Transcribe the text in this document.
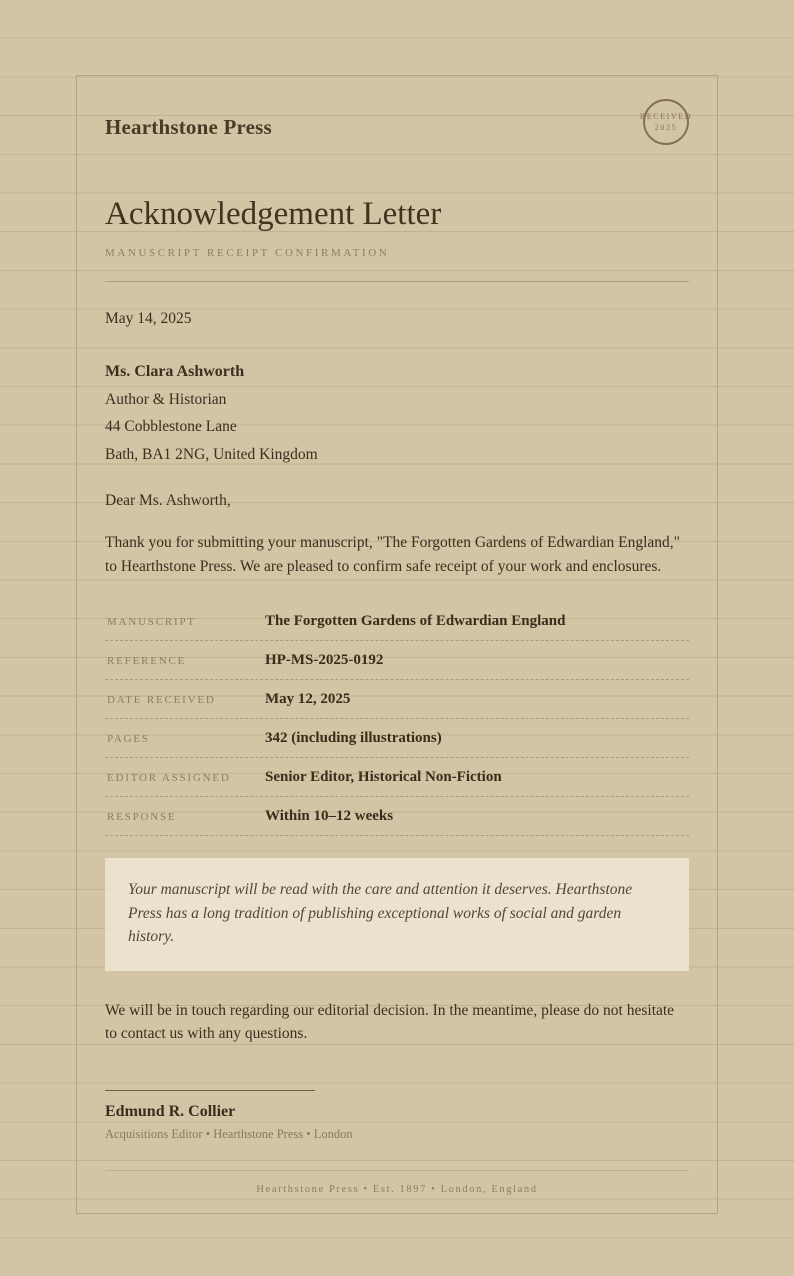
Hearthstone Press	RECEIVED
2025
Acknowledgement Letter
MANUSCRIPT RECEIPT CONFIRMATION
May 14, 2025
Ms. Clara Ashworth
Author & Historian
44 Cobblestone Lane
Bath, BA1 2NG, United Kingdom
Dear Ms. Ashworth,

Thank you for submitting your manuscript, "The Forgotten Gardens of Edwardian England," to Hearthstone Press. We are pleased to confirm safe receipt of your work and enclosures.

MANUSCRIPT	The Forgotten Gardens of Edwardian England
REFERENCE	HP-MS-2025-0192
DATE RECEIVED	May 12, 2025
PAGES	342 (including illustrations)
EDITOR ASSIGNED	Senior Editor, Historical Non-Fiction
RESPONSE	Within 10–12 weeks
Your manuscript will be read with the care and attention it deserves. Hearthstone Press has a long tradition of publishing exceptional works of social and garden history.

We will be in touch regarding our editorial decision. In the meantime, please do not hesitate to contact us with any questions.

Edmund R. Collier
Acquisitions Editor • Hearthstone Press • London
Hearthstone Press • Est. 1897 • London, England
